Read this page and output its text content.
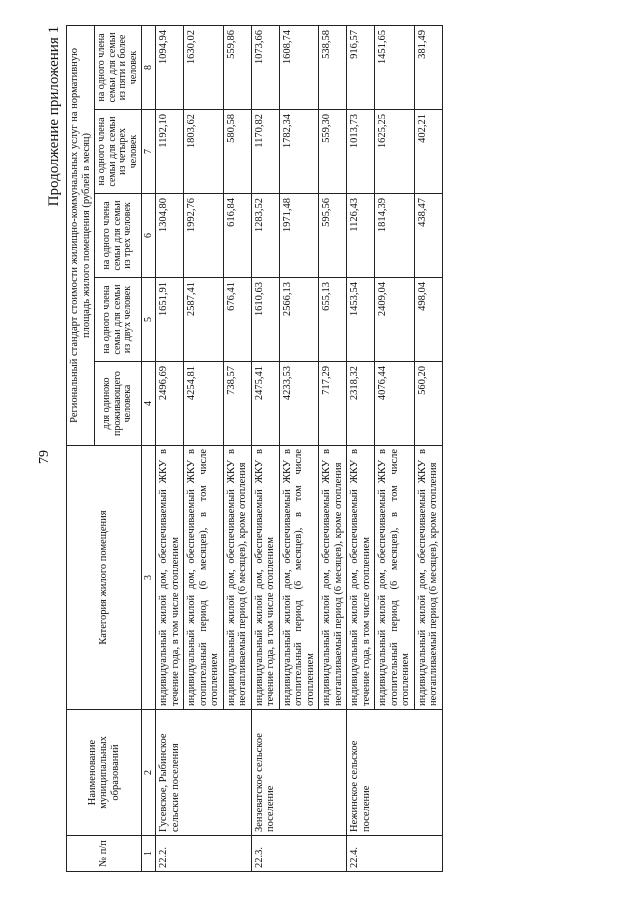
79
Продолжение приложения 1
№ п/п	Наименование муниципальных образований	Категория жилого помещения	Региональный стандарт стоимости жилищно-коммунальных услуг на нормативную площадь жилого помещения (рублей в месяц)				
			для одиноко проживающего человека	на одного члена семьи для семьи из двух человек	на одного члена семьи для семьи из трех человек	на одного члена семьи для семьи из четырех человек	на одного члена семьи для семьи из пяти и более человек
1	2	3	4	5	6	7	8
22.2.	Гусевское, Рыбинское сельские поселения	индивидуальный жилой дом, обеспечиваемый ЖКУ в течение года, в том числе отоплением	2496,69	1651,91	1304,80	1192,10	1094,94
		индивидуальный жилой дом, обеспечиваемый ЖКУ в отопительный период (6 месяцев), в том числе отоплением	4254,81	2587,41	1992,76	1803,62	1630,02
		индивидуальный жилой дом, обеспечиваемый ЖКУ в неотапливаемый период (6 месяцев), кроме отопления	738,57	676,41	616,84	580,58	559,86
22.3.	Зензеватское сельское поселение	индивидуальный жилой дом, обеспечиваемый ЖКУ в течение года, в том числе отоплением	2475,41	1610,63	1283,52	1170,82	1073,66
		индивидуальный жилой дом, обеспечиваемый ЖКУ в отопительный период (6 месяцев), в том числе отоплением	4233,53	2566,13	1971,48	1782,34	1608,74
		индивидуальный жилой дом, обеспечиваемый ЖКУ в неотапливаемый период (6 месяцев), кроме отопления	717,29	655,13	595,56	559,30	538,58
22.4.	Нежинское сельское поселение	индивидуальный жилой дом, обеспечиваемый ЖКУ в течение года, в том числе отоплением	2318,32	1453,54	1126,43	1013,73	916,57
		индивидуальный жилой дом, обеспечиваемый ЖКУ в отопительный период (6 месяцев), в том числе отоплением	4076,44	2409,04	1814,39	1625,25	1451,65
		индивидуальный жилой дом, обеспечиваемый ЖКУ в неотапливаемый период (6 месяцев), кроме отопления	560,20	498,04	438,47	402,21	381,49
